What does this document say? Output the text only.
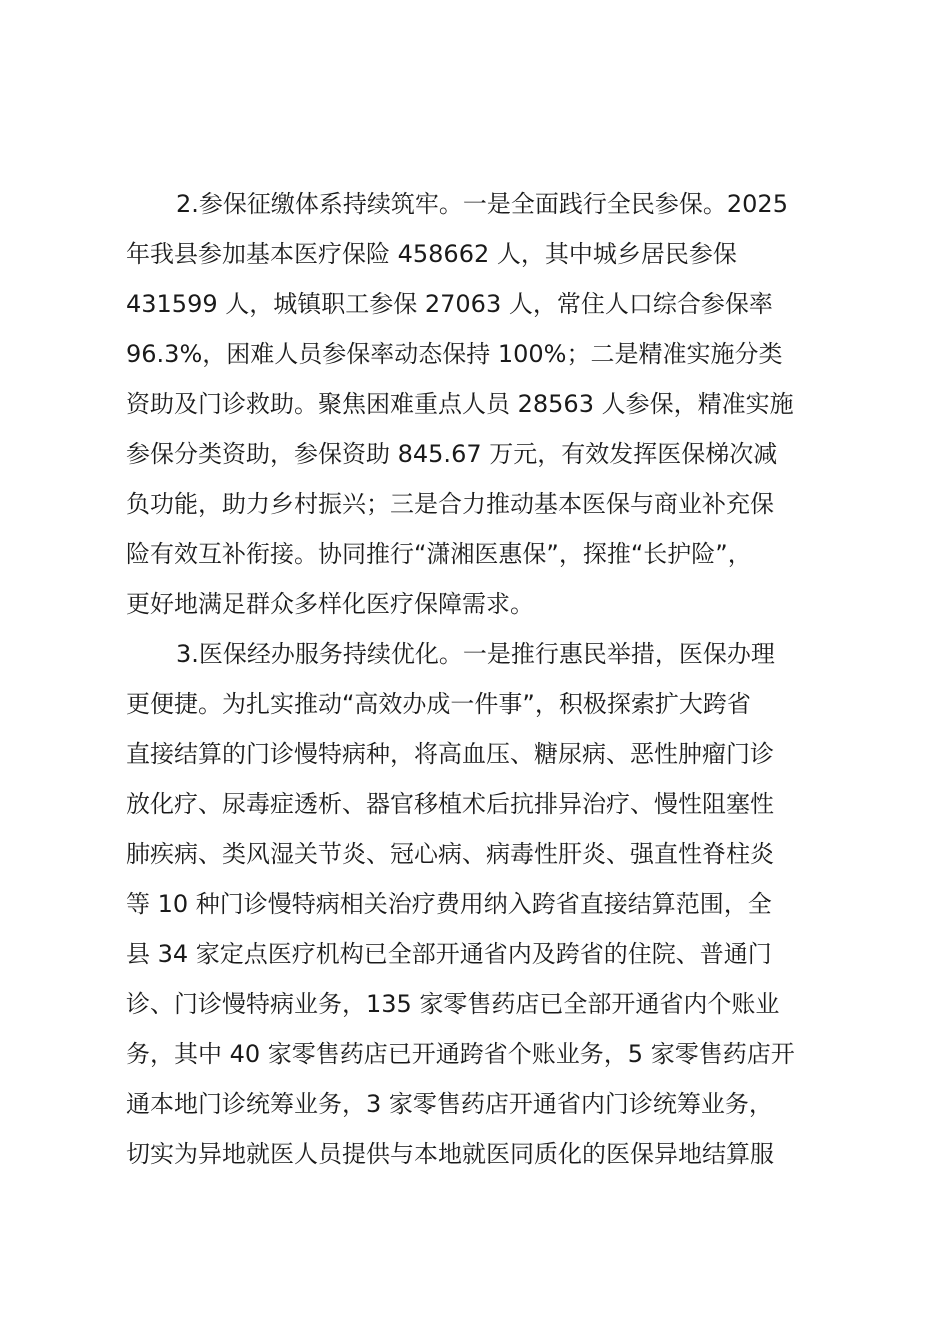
2.参保征缴体系持续筑牢。一是全面践行全民参保。2025
年我县参加基本医疗保险 458662 人，其中城乡居民参保
431599 人，城镇职工参保 27063 人，常住人口综合参保率
96.3%，困难人员参保率动态保持 100%；二是精准实施分类
资助及门诊救助。聚焦困难重点人员 28563 人参保，精准实施
参保分类资助，参保资助 845.67 万元，有效发挥医保梯次减
负功能，助力乡村振兴；三是合力推动基本医保与商业补充保
险有效互补衔接。协同推行“潇湘医惠保”，探推“长护险”，
更好地满足群众多样化医疗保障需求。
3.医保经办服务持续优化。一是推行惠民举措，医保办理
更便捷。为扎实推动“高效办成一件事”，积极探索扩大跨省
直接结算的门诊慢特病种，将高血压、糖尿病、恶性肿瘤门诊
放化疗、尿毒症透析、器官移植术后抗排异治疗、慢性阻塞性
肺疾病、类风湿关节炎、冠心病、病毒性肝炎、强直性脊柱炎
等 10 种门诊慢特病相关治疗费用纳入跨省直接结算范围，全
县 34 家定点医疗机构已全部开通省内及跨省的住院、普通门
诊、门诊慢特病业务，135 家零售药店已全部开通省内个账业
务，其中 40 家零售药店已开通跨省个账业务，5 家零售药店开
通本地门诊统筹业务，3 家零售药店开通省内门诊统筹业务，
切实为异地就医人员提供与本地就医同质化的医保异地结算服
